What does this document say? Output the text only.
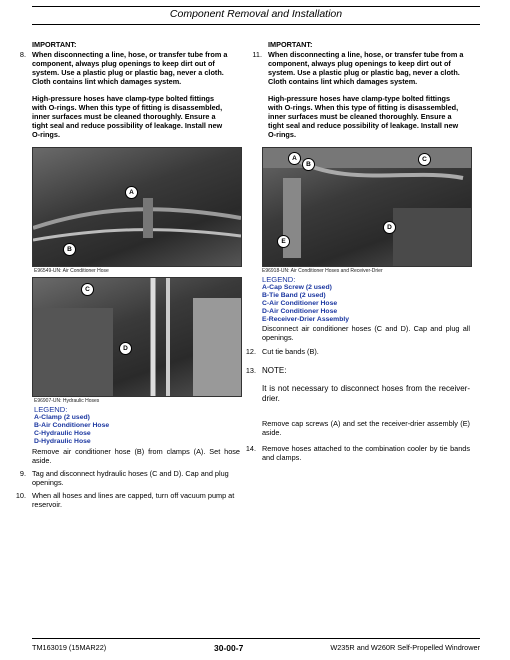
Component Removal and Installation

IMPORTANT:

8. When disconnecting a line, hose, or transfer tube from a component, always plug openings to keep dirt out of system. Use a plastic plug or plastic bag, never a cloth. Cloth contains lint which damages system.

High-pressure hoses have clamp-type bolted fittings with O-rings. When this type of fitting is disassembled, inner surfaces must be cleaned thoroughly. Ensure a tight seal and reduce possibility of leakage. Install new O-rings.

IMPORTANT:

11. When disconnecting a line, hose, or transfer tube from a component, always plug openings to keep dirt out of system. Use a plastic plug or plastic bag, never a cloth. Cloth contains lint which damages system.

High-pressure hoses have clamp-type bolted fittings with O-rings. When this type of fitting is disassembled, inner surfaces must be cleaned thoroughly. Ensure a tight seal and reduce possibility of leakage. Install new O-rings.

A
B
E96549-UN: Air Conditioner Hose
C
D
E96907-UN: Hydraulic Hoses
LEGEND:
A-Clamp (2 used)
B-Air Conditioner Hose
C-Hydraulic Hose
D-Hydraulic Hose
Remove air conditioner hose (B) from clamps (A). Set hose aside.
9. Tag and disconnect hydraulic hoses (C and D). Cap and plug openings.
10. When all hoses and lines are capped, turn off vacuum pump at reservoir.
A
B
C
D
E
E96918-UN: Air Conditioner Hoses and Receiver-Drier
LEGEND:
A-Cap Screw (2 used)
B-Tie Band (2 used)
C-Air Conditioner Hose
D-Air Conditioner Hose
E-Receiver-Drier Assembly
Disconnect air conditioner hoses (C and D). Cap and plug all openings.
12. Cut tie bands (B).
13. NOTE:
It is not necessary to disconnect hoses from the receiver-drier.
Remove cap screws (A) and set the receiver-drier assembly (E) aside.
14. Remove hoses attached to the combination cooler by tie bands and clamps.
TM163019 (15MAR22)	30-00-7	W235R and W260R Self-Propelled Windrower
